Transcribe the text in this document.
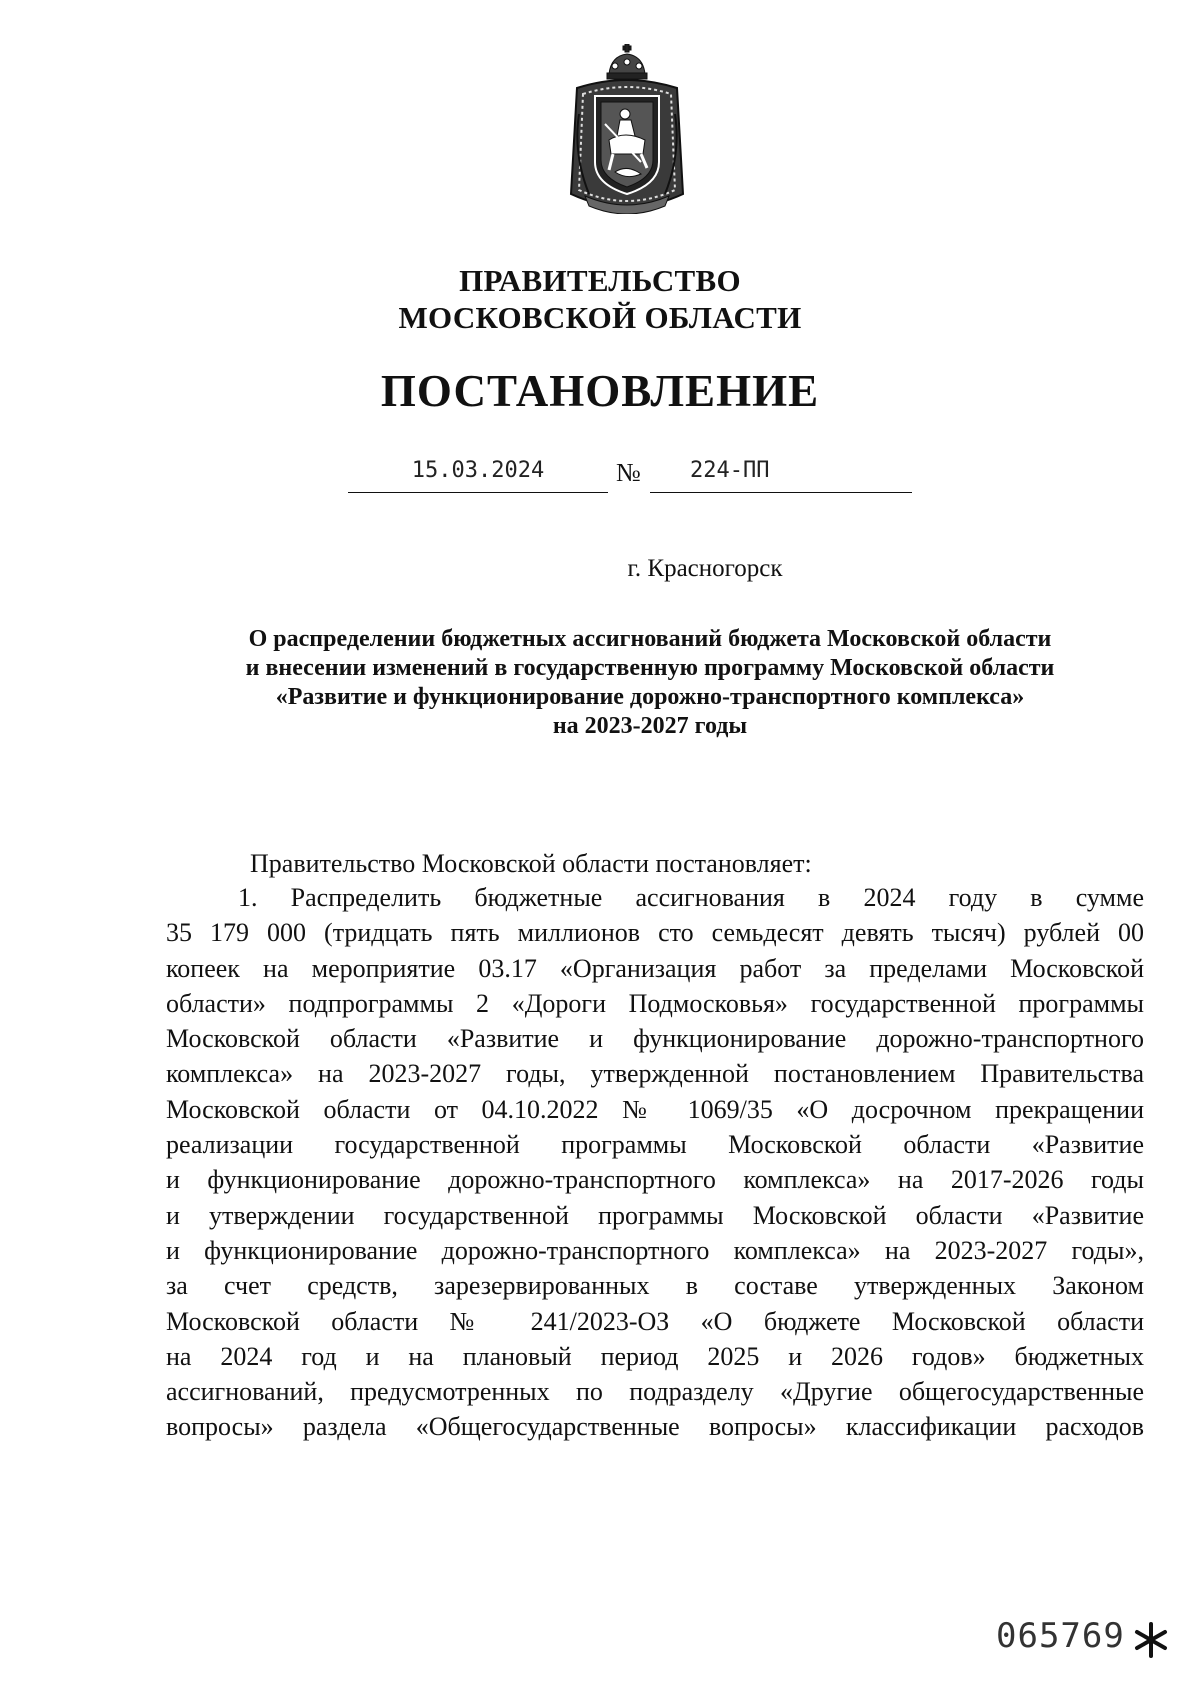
ПРАВИТЕЛЬСТВО
МОСКОВСКОЙ ОБЛАСТИ
ПОСТАНОВЛЕНИЕ
15.03.2024	№	224-ПП
г. Красногорск
О распределении бюджетных ассигнований бюджета Московской области
и внесении изменений в государственную программу Московской области
«Развитие и функционирование дорожно-транспортного комплекса»
на 2023-2027 годы
Правительство Московской области постановляет:
1. Распределить бюджетные ассигнования в 2024 году в сумме
35 179 000 (тридцать пять миллионов сто семьдесят девять тысяч) рублей 00
копеек на мероприятие 03.17 «Организация работ за пределами Московской
области» подпрограммы 2 «Дороги Подмосковья» государственной программы
Московской области «Развитие и функционирование дорожно-транспортного
комплекса» на 2023-2027 годы, утвержденной постановлением Правительства
Московской области от 04.10.2022 № 1069/35 «О досрочном прекращении
реализации государственной программы Московской области «Развитие
и функционирование дорожно-транспортного комплекса» на 2017-2026 годы
и утверждении государственной программы Московской области «Развитие
и функционирование дорожно-транспортного комплекса» на 2023-2027 годы»,
за счет средств, зарезервированных в составе утвержденных Законом
Московской области № 241/2023-ОЗ «О бюджете Московской области
на 2024 год и на плановый период 2025 и 2026 годов» бюджетных
ассигнований, предусмотренных по подразделу «Другие общегосударственные
вопросы» раздела «Общегосударственные вопросы» классификации расходов
065769
